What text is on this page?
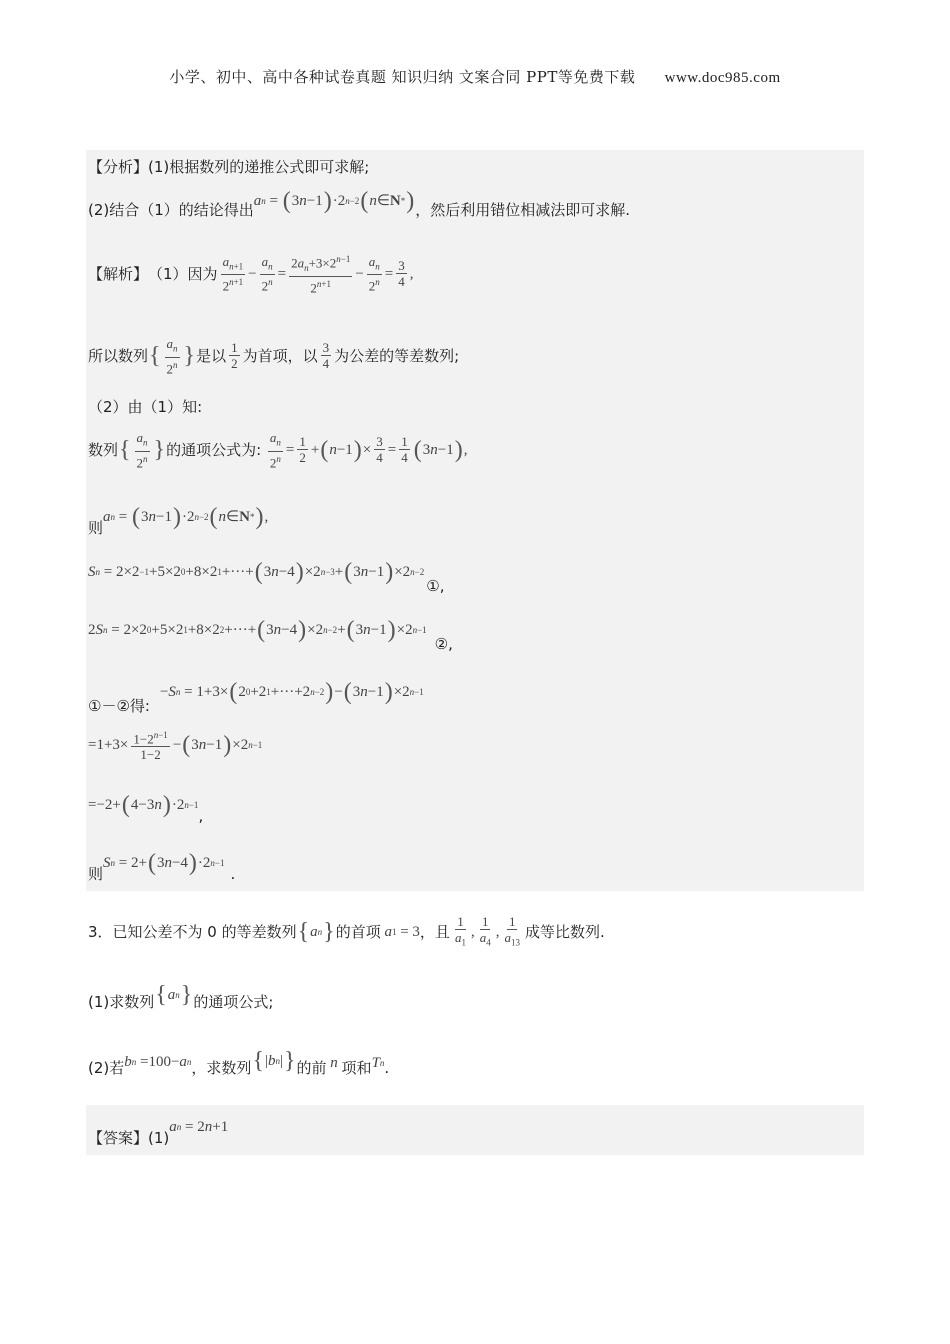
小学、初中、高中各种试卷真题 知识归纳 文案合同 PPT等免费下载 www.doc985.com
【分析】 (1)根据数列的递推公式即可求解;
(2)结合（1）的结论得出 a n = ( 3 n −1 ) ·2 n−2 ( n ∈ N * ) ，然后利用错位相减法即可求解.
【解析】 （1）因为 $\frac{a_{n+1}}{2^{n+1}} - \frac{a_n}{2^n} = \frac{2a_n+3\times 2^{n-1}}{2^{n+1}} - \frac{a_n}{2^n} = \frac{3}{4}$ ,
所以数列 { $\frac{a_n}{2^n}$ } 是以 $\frac{1}{2}$ 为首项，以 $\frac{3}{4}$ 为公差的等差数列;
（2）由（1）知:
数列 { $\frac{a_n}{2^n}$ } 的通项公式为:
$\frac{a_n}{2^n} = \frac{1}{2}$ + ( n −1 ) × $\frac{3}{4} = \frac{1}{4}$ ( 3 n −1 ) ,
则
a n = ( 3 n −1 ) ·2 n−2 ( n ∈ N * ) ,
S n = 2×2 −1 +5×2 0 +8×2 1 +···+ ( 3 n −4 ) ×2 n−3 + ( 3 n −1 ) ×2 n−2
①,
2 S n = 2×2 0 +5×2 1 +8×2 2 +···+ ( 3 n −4 ) ×2 n−2 + ( 3 n −1 ) ×2 n−1
②,
①－②得:
− S n = 1+3× ( 2 0 +2 1 +···+2 n−2 ) − ( 3 n −1 ) ×2 n−1
$=1+3\times \frac{1-2^{n-1}}{1-2}$ − ( 3 n −1 ) ×2 n−1
=−2+ ( 4−3 n ) ·2 n−1
,
则
S n = 2+ ( 3 n −4 ) ·2 n−1
.
3．已知公差不为 0 的等差数列 { a n } 的首项
a 1 = 3 ，且 $\frac{1}{a_1}$ , $\frac{1}{a_4}$ , $\frac{1}{a_{13}}$ 成等比数列.
(1)求数列 { a n } 的通项公式;
(2)若 b n =100− a n ，求数列 { | b n | } 的前
n
项和 T n .
【答案】 (1)
a n = 2 n +1
